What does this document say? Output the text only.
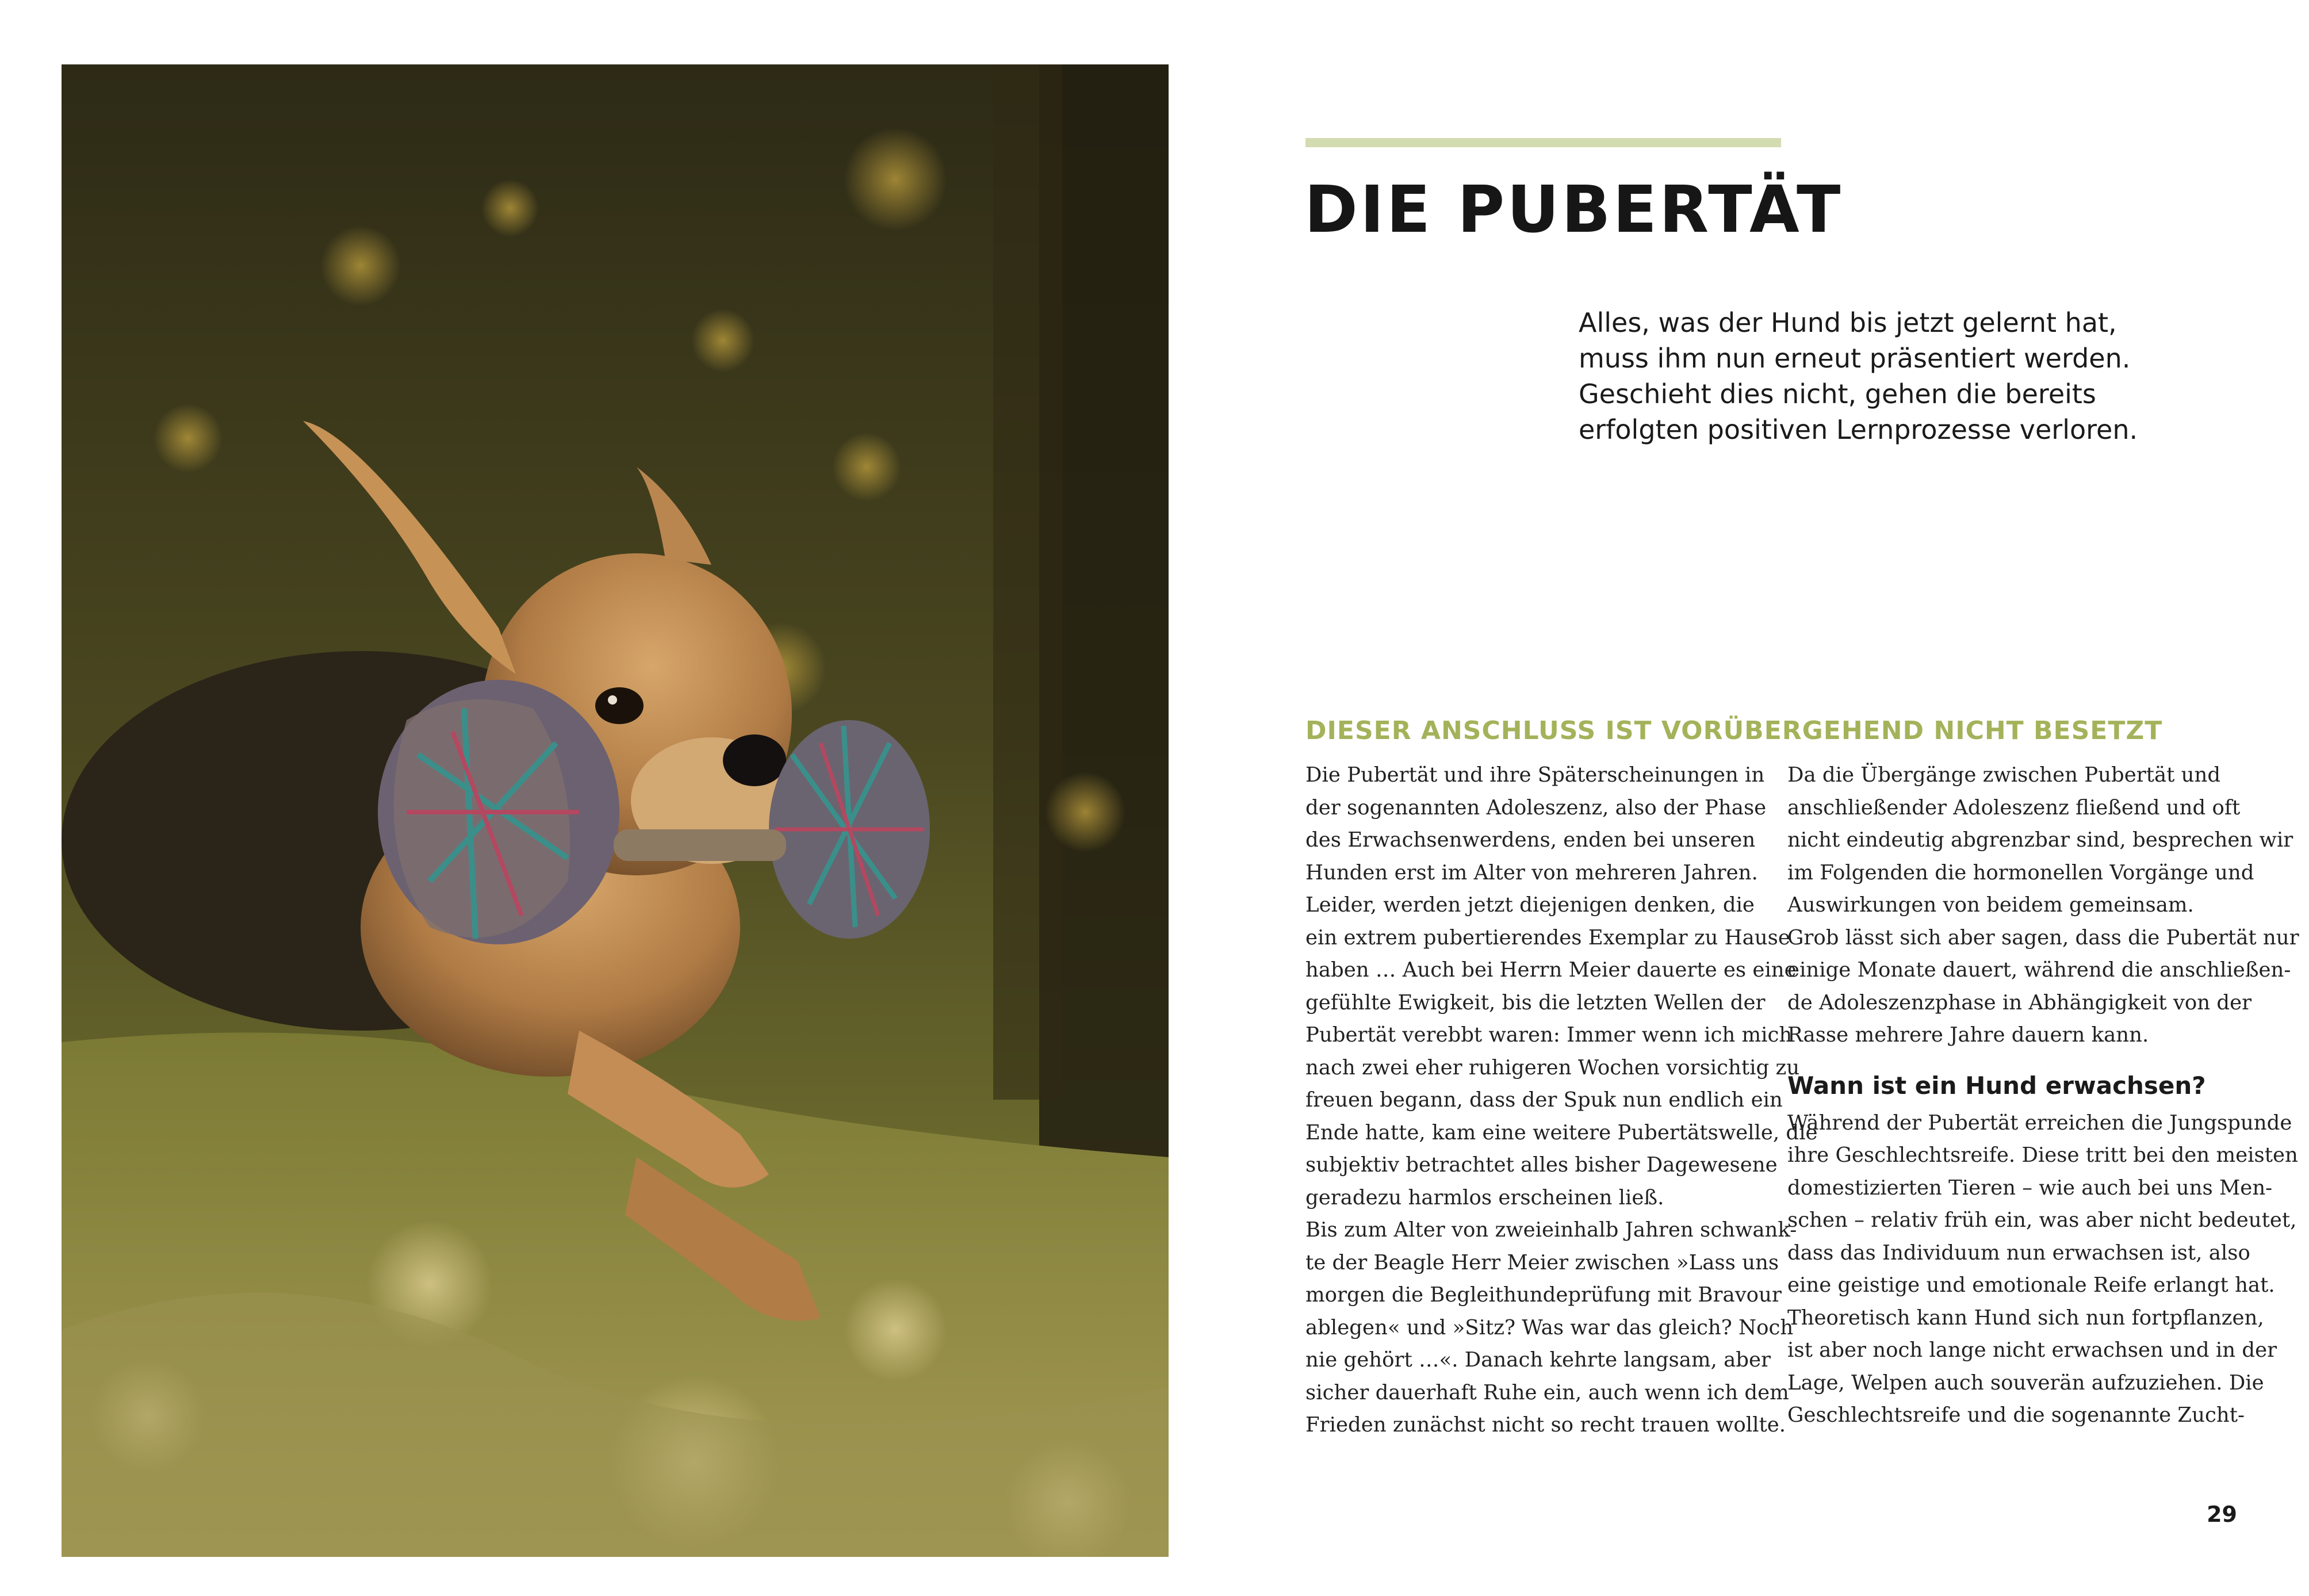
DIE PUBERTÄT
Alles, was der Hund bis jetzt gelernt hat,
muss ihm nun erneut präsentiert werden.
Geschieht dies nicht, gehen die bereits
erfolgten positiven Lernprozesse verloren.
DIESER ANSCHLUSS IST VORÜBERGEHEND NICHT BESETZT

Die Pubertät und ihre Späterscheinungen in

der sogenannten Adoleszenz, also der Phase

des Erwachsenwerdens, enden bei unseren

Hunden erst im Alter von mehreren Jahren.

Leider, werden jetzt diejenigen denken, die

ein extrem pubertierendes Exemplar zu Hause

haben … Auch bei Herrn Meier dauerte es eine

gefühlte Ewigkeit, bis die letzten Wellen der

Pubertät verebbt waren: Immer wenn ich mich

nach zwei eher ruhigeren Wochen vorsichtig zu

freuen begann, dass der Spuk nun endlich ein

Ende hatte, kam eine weitere Pubertätswelle, die

subjektiv betrachtet alles bisher Dagewesene

geradezu harmlos erscheinen ließ.

Bis zum Alter von zweieinhalb Jahren schwank-

te der Beagle Herr Meier zwischen »Lass uns

morgen die Begleithundeprüfung mit Bravour

ablegen« und »Sitz? Was war das gleich? Noch

nie gehört …«. Danach kehrte langsam, aber

sicher dauerhaft Ruhe ein, auch wenn ich dem

Frieden zunächst nicht so recht trauen wollte.

Da die Übergänge zwischen Pubertät und

anschließender Adoleszenz fließend und oft

nicht eindeutig abgrenzbar sind, besprechen wir

im Folgenden die hormonellen Vorgänge und

Auswirkungen von beidem gemeinsam.

Grob lässt sich aber sagen, dass die Pubertät nur

einige Monate dauert, während die anschließen-

de Adoleszenzphase in Abhängigkeit von der

Rasse mehrere Jahre dauern kann.

Wann ist ein Hund erwachsen?

Während der Pubertät erreichen die Jungspunde

ihre Geschlechtsreife. Diese tritt bei den meisten

domestizierten Tieren – wie auch bei uns Men-

schen – relativ früh ein, was aber nicht bedeutet,

dass das Individuum nun erwachsen ist, also

eine geistige und emotionale Reife erlangt hat.

Theoretisch kann Hund sich nun fortpflanzen,

ist aber noch lange nicht erwachsen und in der

Lage, Welpen auch souverän aufzuziehen. Die

Geschlechtsreife und die sogenannte Zucht-

29
